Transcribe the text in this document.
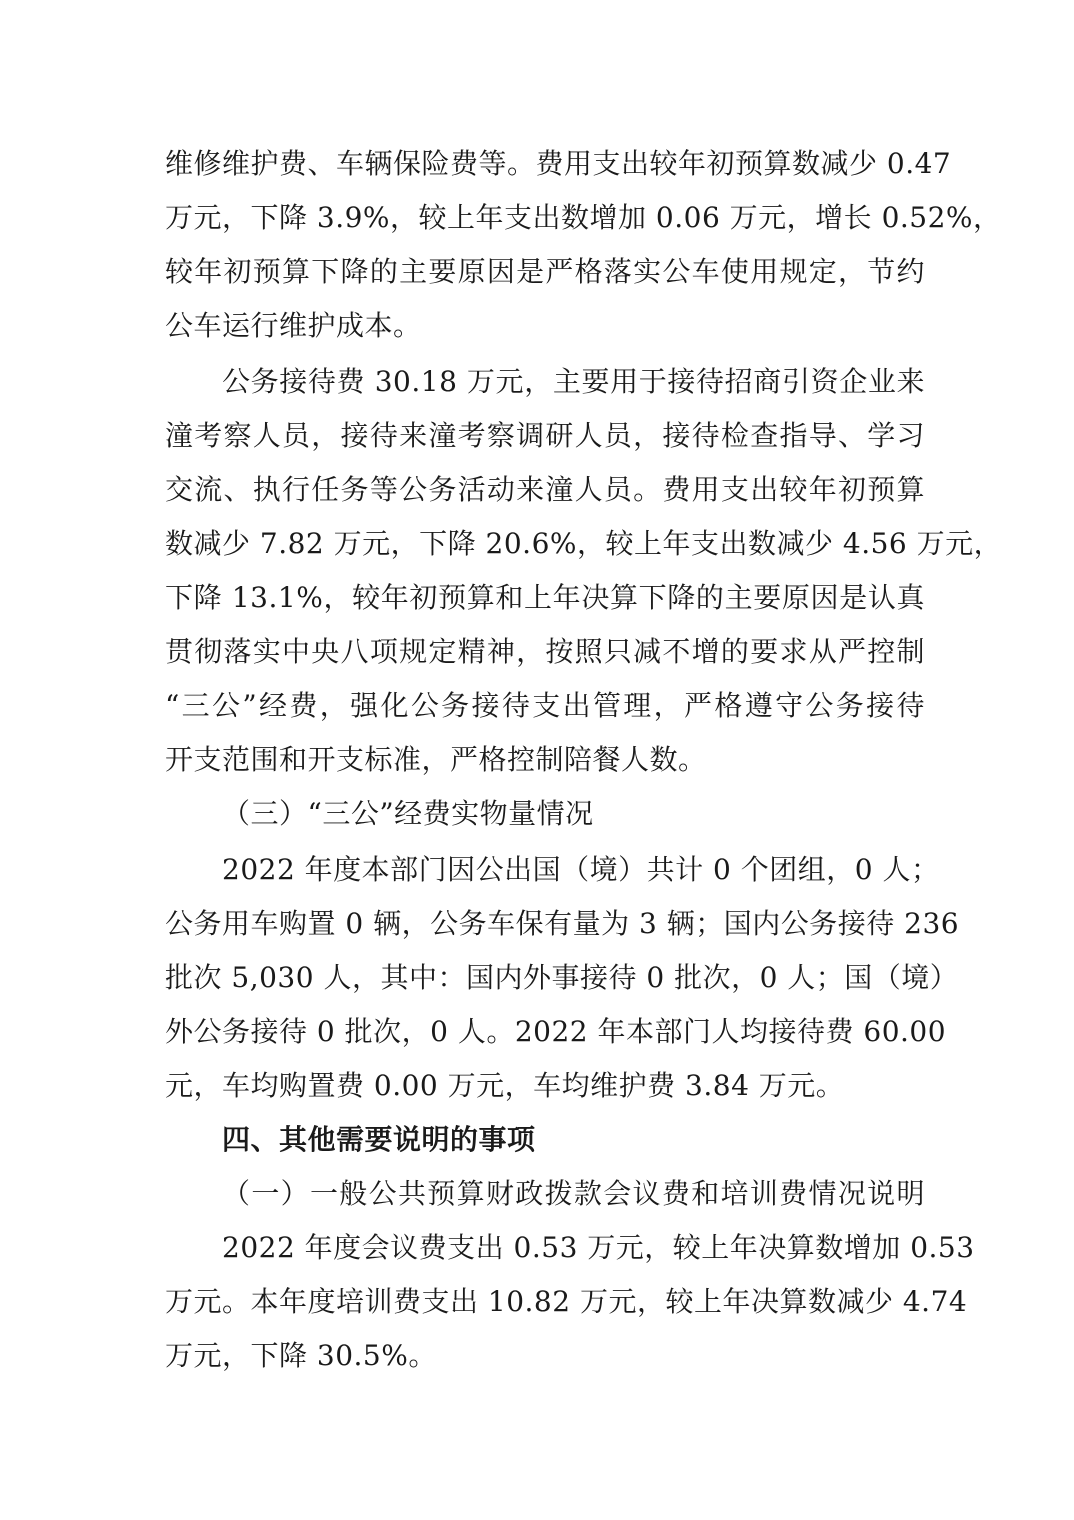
维修维护费、车辆保险费等。费用支出较年初预算数减少 0.47
万元，下降 3.9%，较上年支出数增加 0.06 万元，增长 0.52%，
较年初预算下降的主要原因是严格落实公车使用规定，节约
公车运行维护成本。
公务接待费 30.18 万元，主要用于接待招商引资企业来
潼考察人员，接待来潼考察调研人员，接待检查指导、学习
交流、执行任务等公务活动来潼人员。费用支出较年初预算
数减少 7.82 万元，下降 20.6%，较上年支出数减少 4.56 万元，
下降 13.1%，较年初预算和上年决算下降的主要原因是认真
贯彻落实中央八项规定精神，按照只减不增的要求从严控制
“三公”经费，强化公务接待支出管理，严格遵守公务接待
开支范围和开支标准，严格控制陪餐人数。
（三）“三公”经费实物量情况
2022 年度本部门因公出国（境）共计 0 个团组，0 人；
公务用车购置 0 辆，公务车保有量为 3 辆；国内公务接待 236
批次 5,030 人，其中：国内外事接待 0 批次，0 人；国（境）
外公务接待 0 批次，0 人。2022 年本部门人均接待费 60.00
元，车均购置费 0.00 万元，车均维护费 3.84 万元。
四、其他需要说明的事项
（一）一般公共预算财政拨款会议费和培训费情况说明
2022 年度会议费支出 0.53 万元，较上年决算数增加 0.53
万元。本年度培训费支出 10.82 万元，较上年决算数减少 4.74
万元，下降 30.5%。
